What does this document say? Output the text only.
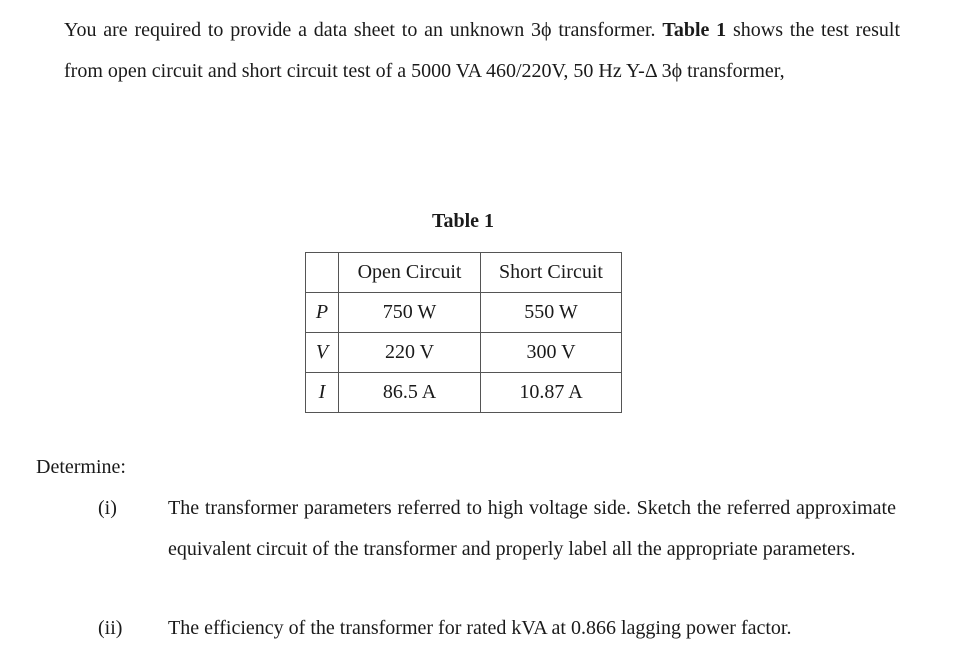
You are required to provide a data sheet to an unknown 3ϕ transformer. Table 1 shows the test result from open circuit and short circuit test of a 5000 VA 460/220V, 50 Hz Y-Δ 3ϕ transformer,
Table 1
	Open Circuit	Short Circuit
P	750 W	550 W
V	220 V	300 V
I	86.5 A	10.87 A
Determine:
(i)	The transformer parameters referred to high voltage side. Sketch the referred approximate equivalent circuit of the transformer and properly label all the appropriate parameters.
(ii) The efficiency of the transformer for rated kVA at 0.866 lagging power factor.
